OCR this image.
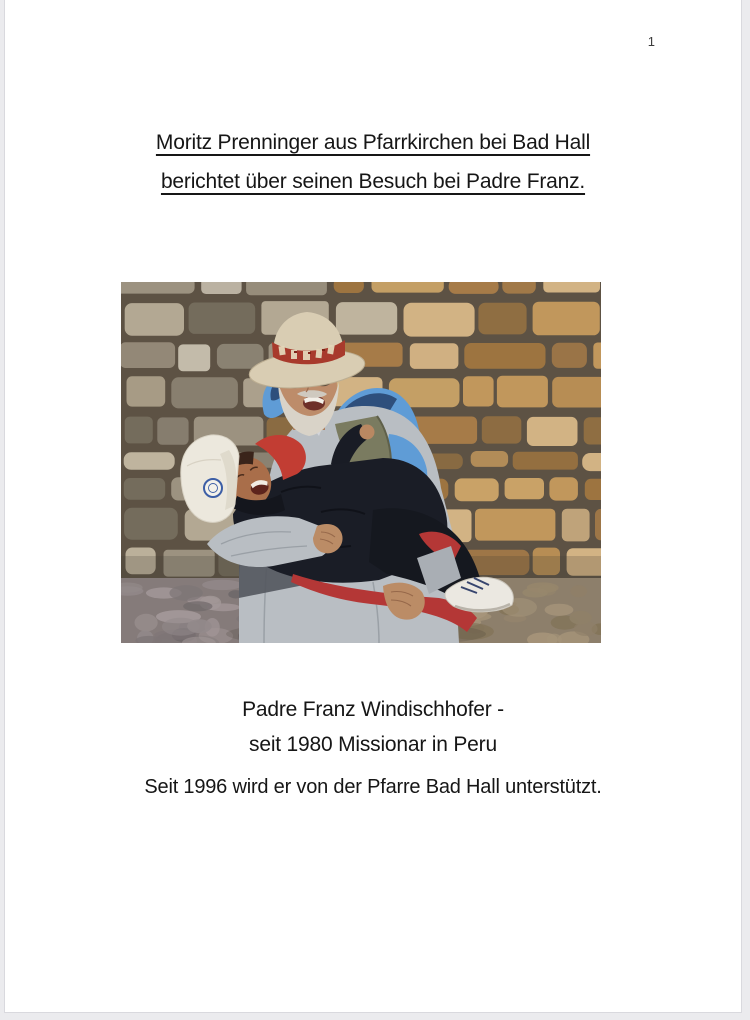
1
Moritz Prenninger aus Pfarrkirchen bei Bad Hall
berichtet über seinen Besuch bei Padre Franz.
Padre Franz Windischhofer -
seit 1980 Missionar in Peru
Seit 1996 wird er von der Pfarre Bad Hall unterstützt.
